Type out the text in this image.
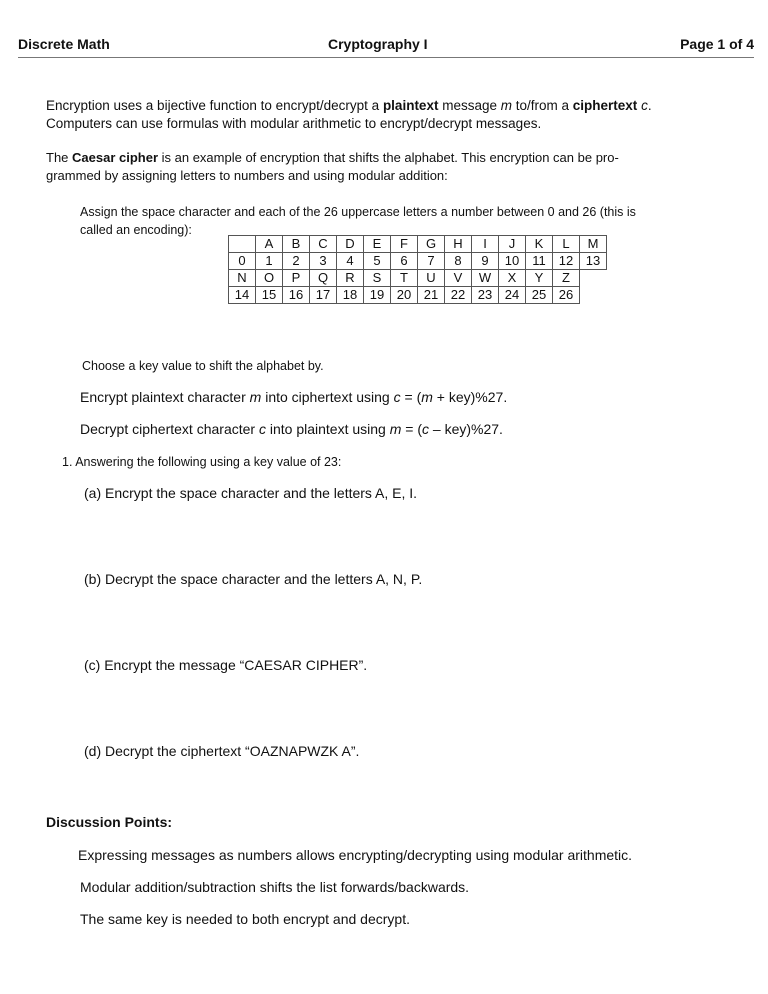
Discrete Math	Cryptography I	Page 1 of 4
Encryption uses a bijective function to encrypt/decrypt a plaintext message m to/from a ciphertext c.
Computers can use formulas with modular arithmetic to encrypt/decrypt messages.
The Caesar cipher is an example of encryption that shifts the alphabet. This encryption can be pro-
grammed by assigning letters to numbers and using modular addition:
Assign the space character and each of the 26 uppercase letters a number between 0 and 26 (this is
called an encoding):
	A	B	C	D	E	F	G	H	I	J	K	L	M
0	1	2	3	4	5	6	7	8	9	10	11	12	13
N	O	P	Q	R	S	T	U	V	W	X	Y	Z	
14	15	16	17	18	19	20	21	22	23	24	25	26	
Choose a key value to shift the alphabet by.
Encrypt plaintext character m into ciphertext using c = (m + key)%27.
Decrypt ciphertext character c into plaintext using m = (c – key)%27.
1. Answering the following using a key value of 23:
(a) Encrypt the space character and the letters A, E, I.
(b) Decrypt the space character and the letters A, N, P.
(c) Encrypt the message “CAESAR CIPHER”.
(d) Decrypt the ciphertext “OAZNAPWZK A”.
Discussion Points:
Expressing messages as numbers allows encrypting/decrypting using modular arithmetic.
Modular addition/subtraction shifts the list forwards/backwards.
The same key is needed to both encrypt and decrypt.
